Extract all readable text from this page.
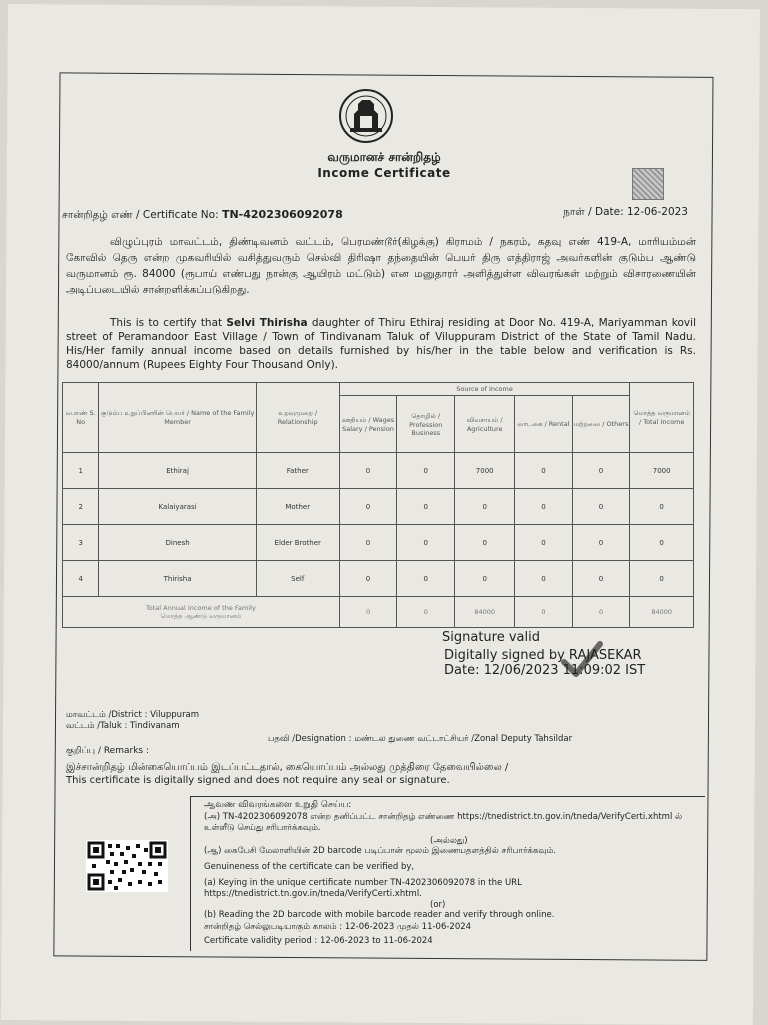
வருமானச் சான்றிதழ்
Income Certificate
சான்றிதழ் எண் / Certificate No: TN-4202306092078	நாள் / Date: 12-06-2023
விழுப்புரம் மாவட்டம், திண்டிவனம் வட்டம், பெரமண்டூர்(கிழக்கு) கிராமம் / நகரம், கதவு எண் 419-A, மாரியம்மன் கோவில் தெரு என்ற முகவரியில் வசித்துவரும் செல்வி திரிஷா தந்தையின் பெயர் திரு எத்திராஜ் அவர்களின் குடும்ப ஆண்டு வருமானம் ரூ. 84000 (ரூபாய் எண்பது நான்கு ஆயிரம் மட்டும்) என மனுதாரர் அளித்துள்ள விவரங்கள் மற்றும் விசாரணையின் அடிப்படையில் சான்றளிக்கப்படுகிறது.
This is to certify that Selvi Thirisha daughter of Thiru Ethiraj residing at Door No. 419-A, Mariyamman kovil street of Peramandoor East Village / Town of Tindivanam Taluk of Viluppuram District of the State of Tamil Nadu. His/Her family annual income based on details furnished by his/her in the table below and verification is Rs. 84000/annum (Rupees Eighty Four Thousand Only).
வ.எண் S. No	குடும்ப உறுப்பினரின் பெயர் / Name of the Family Member	உறவுமுறை / Relationship	Source of Income					மொத்த வருமானம் / Total Income
			ஊதியம் / Wages Salary / Pension	தொழில் / Profession Business	விவசாயம் / Agriculture	வாடகை / Rental	மற்றவை / Others	
1	Ethiraj	Father	0	0	7000	0	0	7000
2	Kalaiyarasi	Mother	0	0	0	0	0	0
3	Dinesh	Elder Brother	0	0	0	0	0	0
4	Thirisha	Self	0	0	0	0	0	0

Total Annual Income of the Family
மொத்த ஆண்டு வருமானம்			0	0	84000	0	0	84000
Signature valid
Digitally signed by RAJASEKAR
Date: 12/06/2023 11:09:02 IST
மாவட்டம் /District : Viluppuram
வட்டம் /Taluk : Tindivanam
பதவி /Designation : மண்டல துணை வட்டாட்சியர் /Zonal Deputy Tahsildar
குறிப்பு / Remarks :
இச்சான்றிதழ் மின்கையொப்பம் இடப்பட்டதால், கையொப்பம் அல்லது முத்திரை தேவையில்லை /
This certificate is digitally signed and does not require any seal or signature.
ஆவண விவரங்களை உறுதி செய்ய:
(அ) TN-4202306092078 என்ற தனிப்பட்ட சான்றிதழ் எண்ணை https://tnedistrict.tn.gov.in/tneda/VerifyCerti.xhtml ல் உள்ளீடு செய்து சரிபார்க்கவும்.
(அல்லது)
(ஆ) கைபேசி மேலாளியின் 2D barcode படிப்பான் மூலம் இணையதளத்தில் சரிபார்க்கவும்.
Genuineness of the certificate can be verified by,
(a) Keying in the unique certificate number TN-4202306092078 in the URL https://tnedistrict.tn.gov.in/tneda/VerifyCerti.xhtml.
(or)
(b) Reading the 2D barcode with mobile barcode reader and verify through online.
சான்றிதழ் செல்லுபடியாகும் காலம் : 12-06-2023 முதல் 11-06-2024
Certificate validity period : 12-06-2023 to 11-06-2024
